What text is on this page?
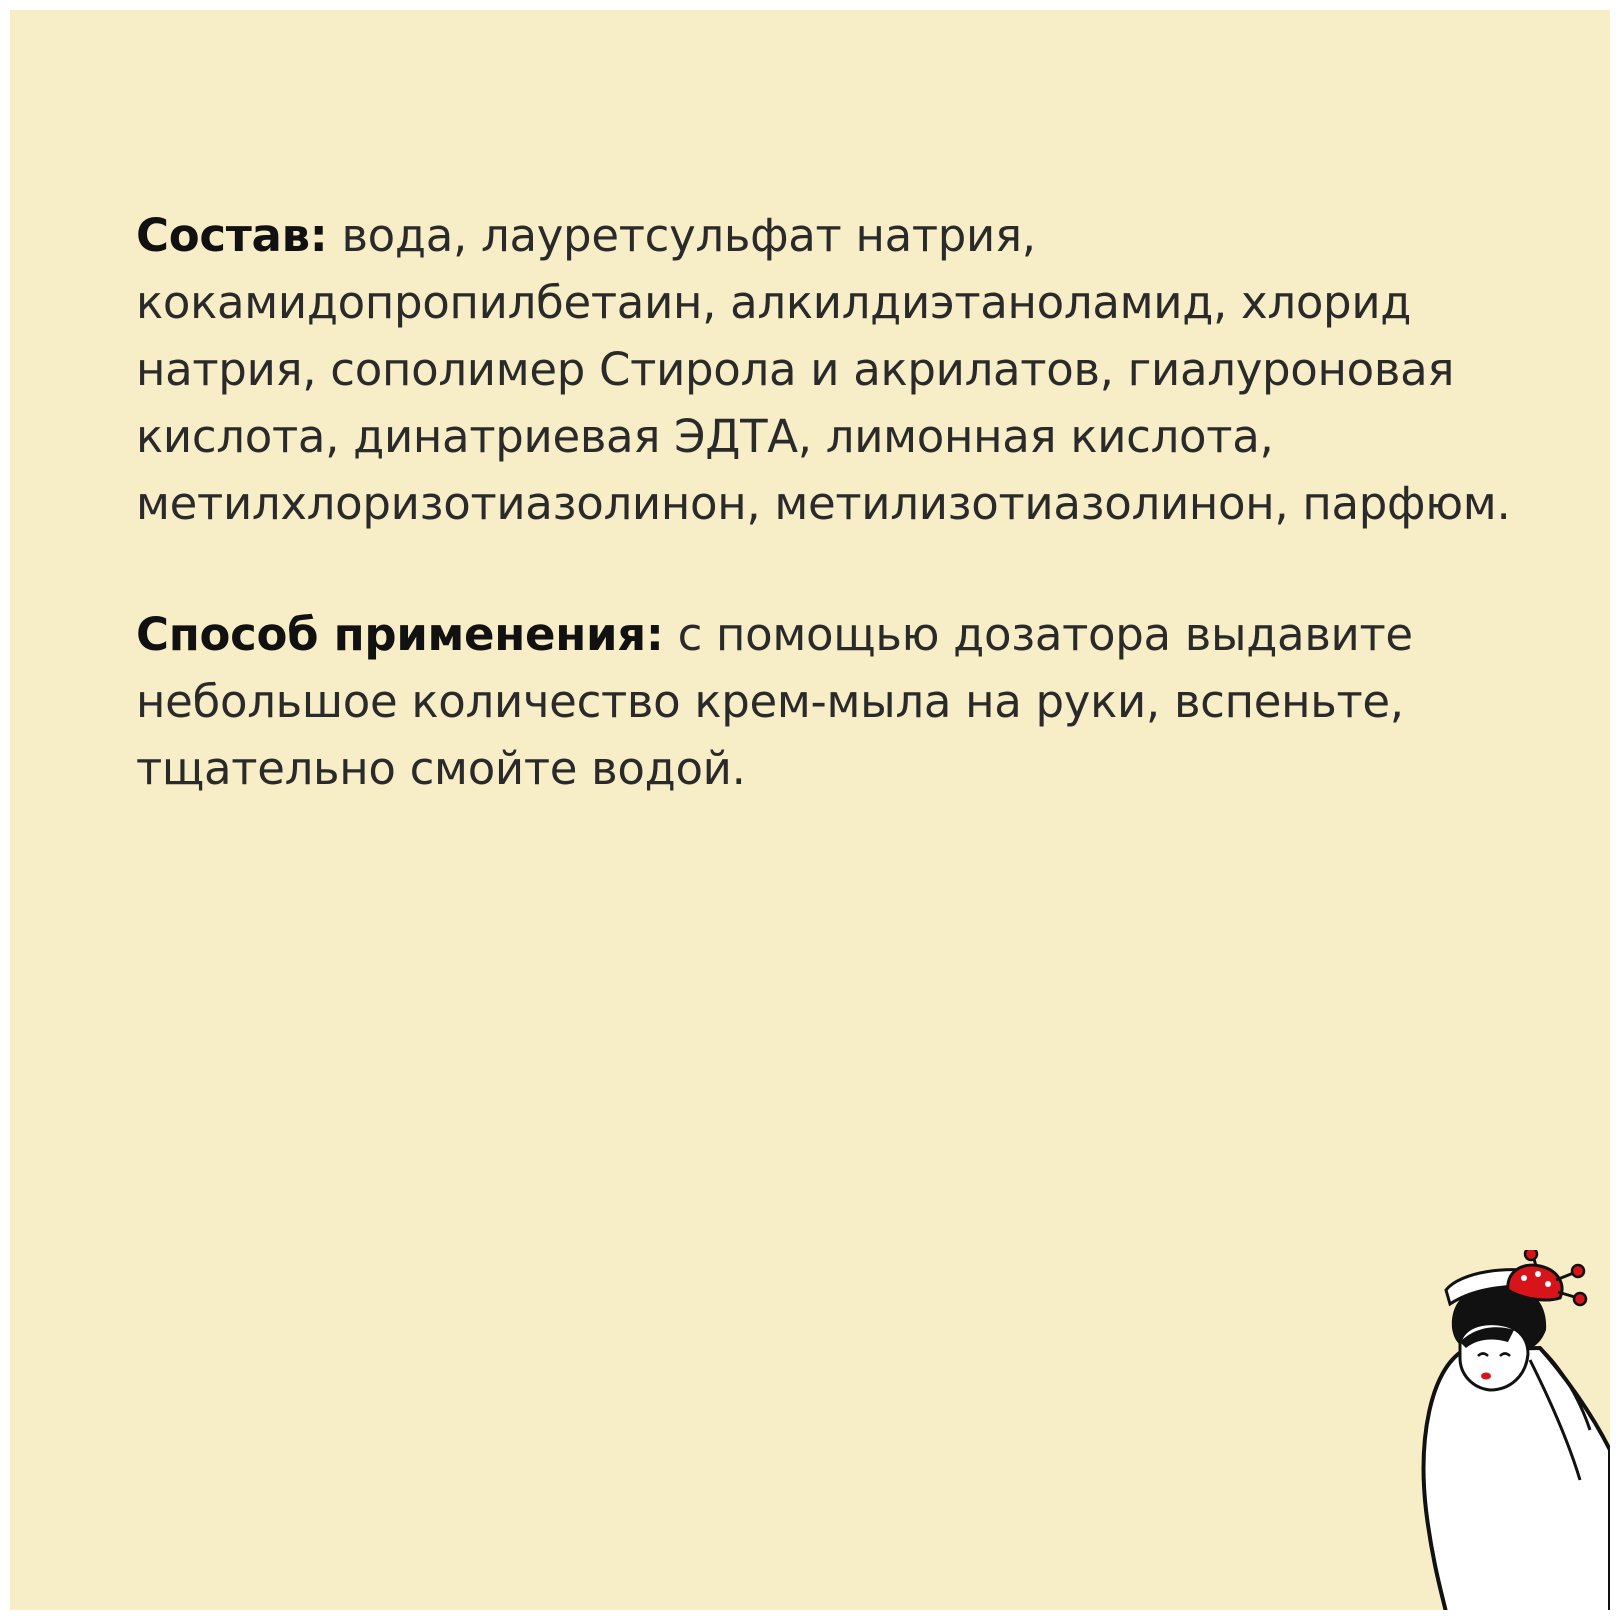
Состав: вода, лауретсульфат натрия, кокамидопропилбетаин, алкилдиэтаноламид, хлорид натрия, сополимер Стирола и акрилатов, гиалуроновая кислота, динатриевая ЭДТА, лимонная кислота, метилхлоризотиазолинон, метилизотиазолинон, парфюм.

Способ применения: с помощью дозатора выдавите небольшое количество крем-мыла на руки, вспеньте, тщательно смойте водой.
